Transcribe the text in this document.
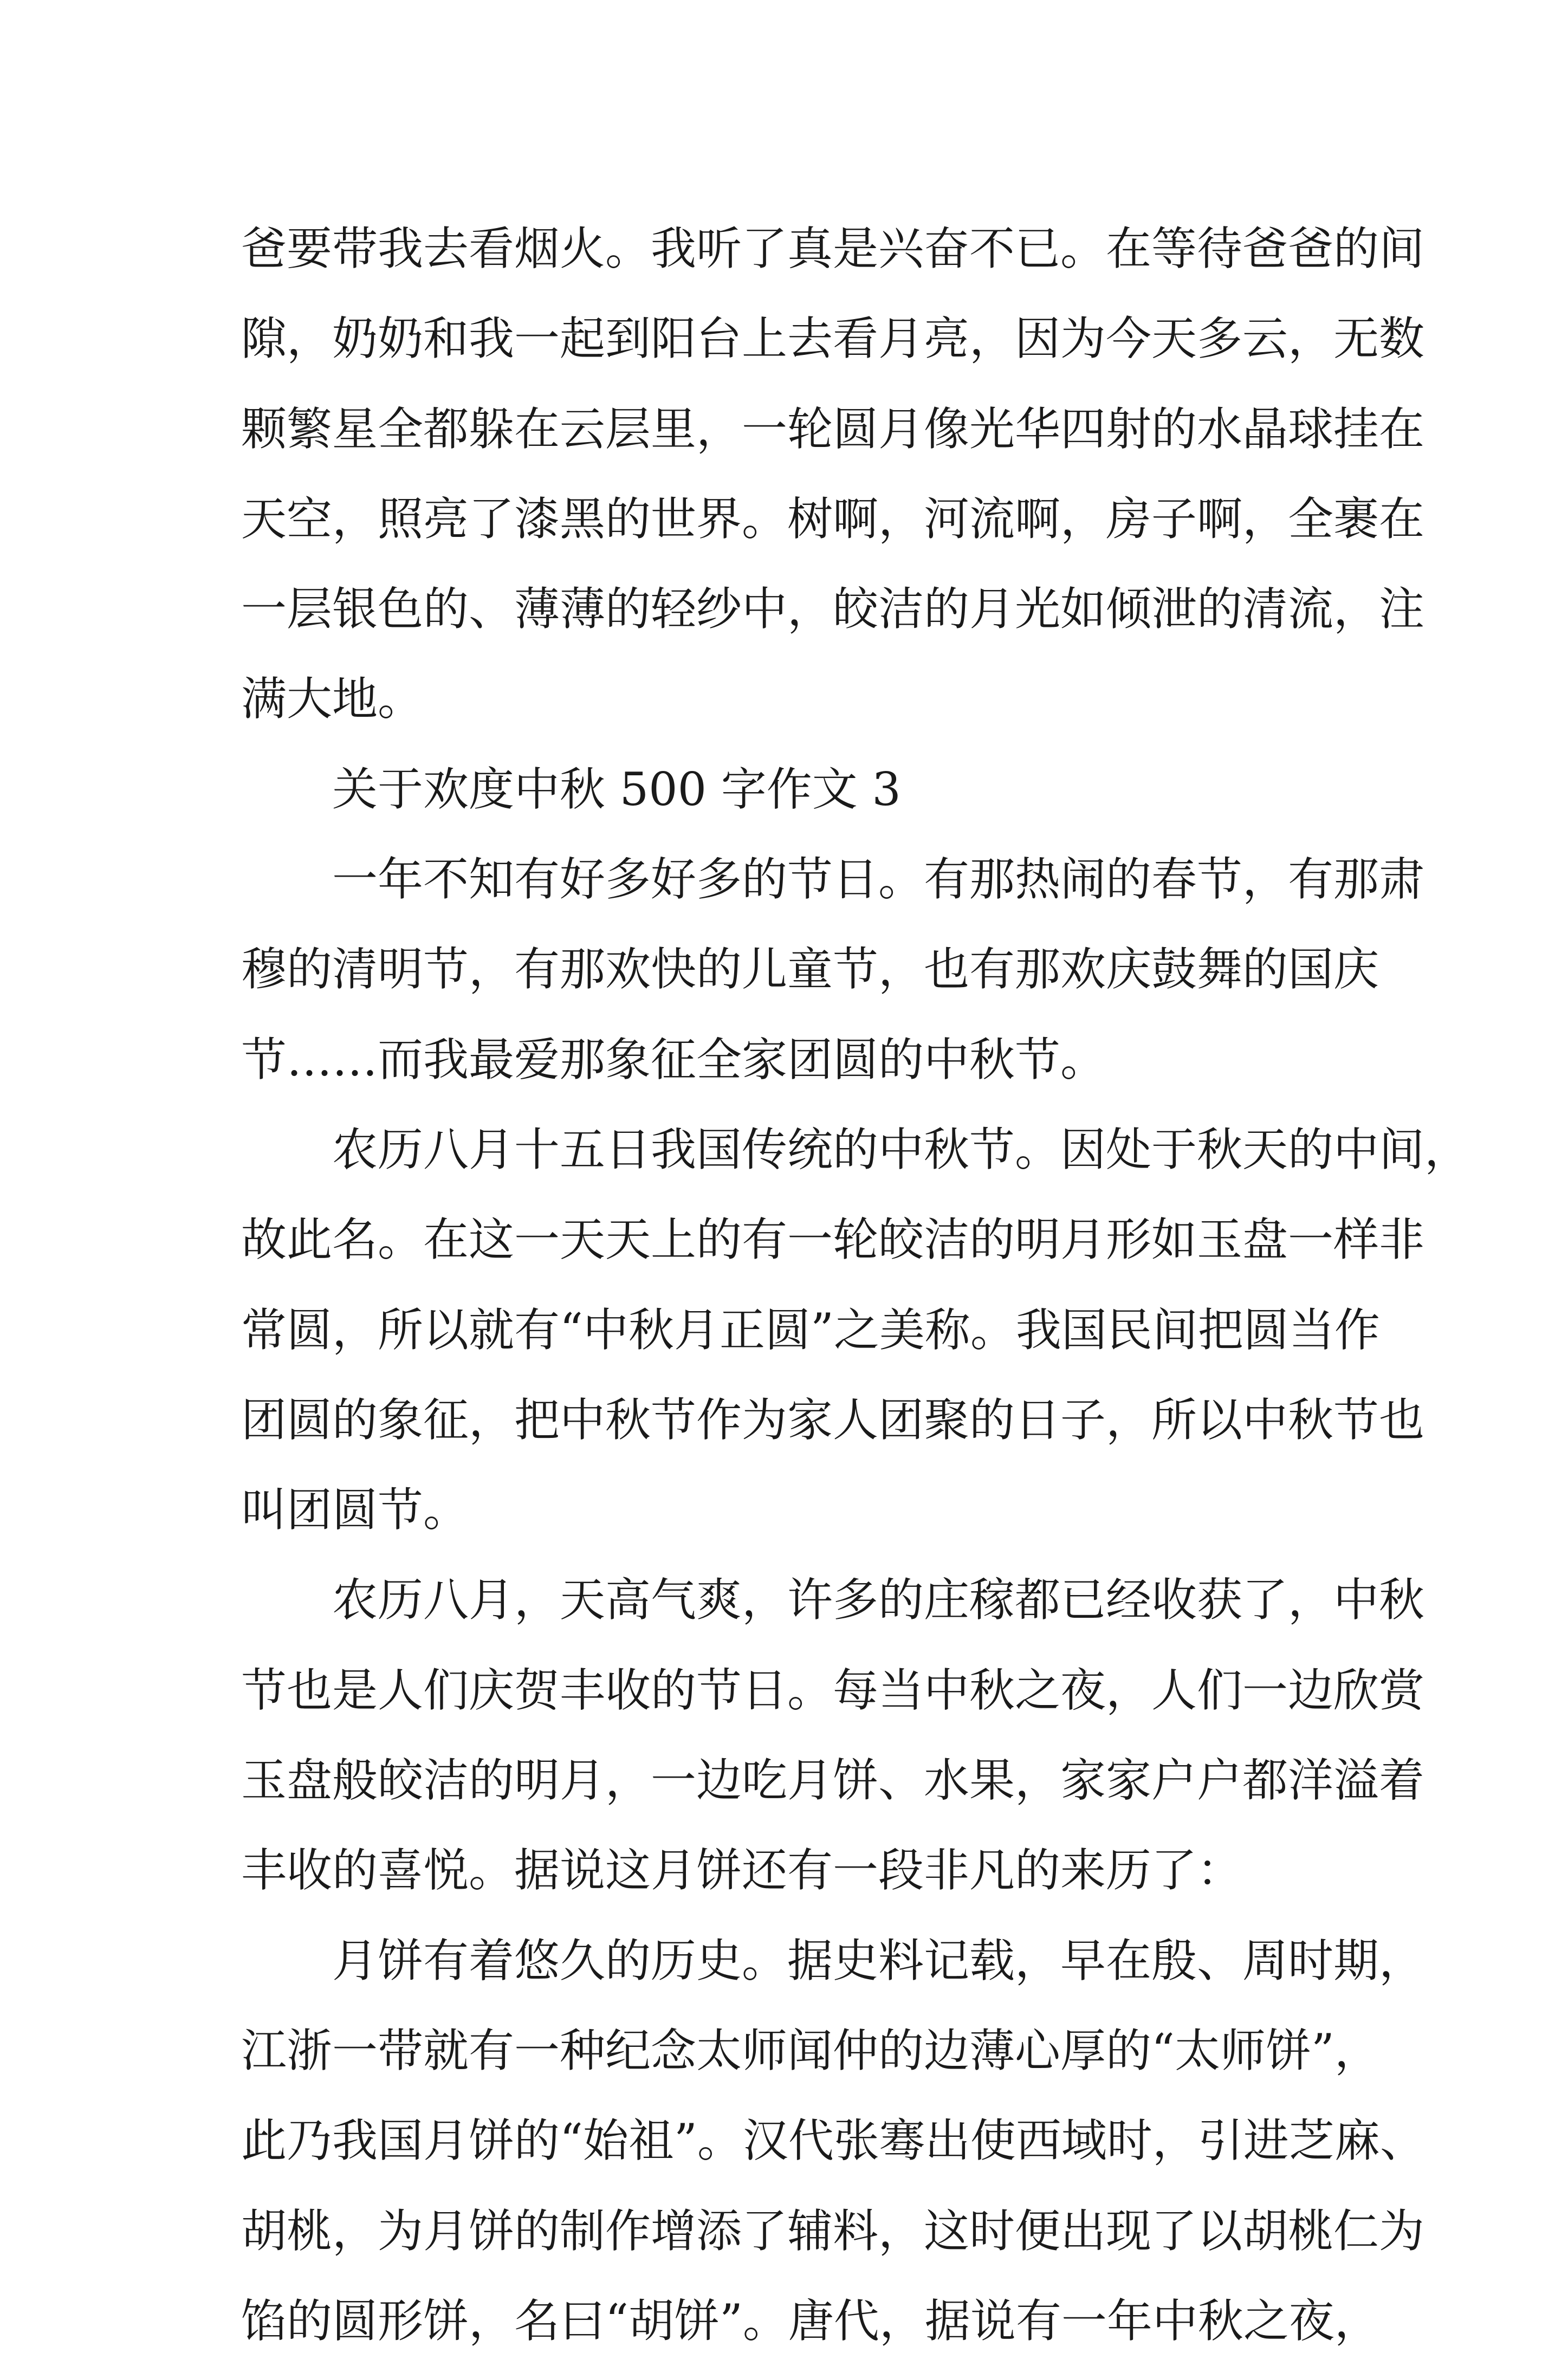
爸要带我去看烟火。我听了真是兴奋不已。在等待爸爸的间
隙，奶奶和我一起到阳台上去看月亮，因为今天多云，无数
颗繁星全都躲在云层里，一轮圆月像光华四射的水晶球挂在
天空，照亮了漆黑的世界。树啊，河流啊，房子啊，全裹在
一层银色的、薄薄的轻纱中，皎洁的月光如倾泄的清流，注
满大地。
关于欢度中秋 500 字作文 3
一年不知有好多好多的节日。有那热闹的春节，有那肃
穆的清明节，有那欢快的儿童节，也有那欢庆鼓舞的国庆
节……而我最爱那象征全家团圆的中秋节。
农历八月十五日我国传统的中秋节。因处于秋天的中间，
故此名。在这一天天上的有一轮皎洁的明月形如玉盘一样非
常圆，所以就有“中秋月正圆”之美称。我国民间把圆当作
团圆的象征，把中秋节作为家人团聚的日子，所以中秋节也
叫团圆节。
农历八月，天高气爽，许多的庄稼都已经收获了，中秋
节也是人们庆贺丰收的节日。每当中秋之夜，人们一边欣赏
玉盘般皎洁的明月，一边吃月饼、水果，家家户户都洋溢着
丰收的喜悦。据说这月饼还有一段非凡的来历了：
月饼有着悠久的历史。据史料记载，早在殷、周时期，
江浙一带就有一种纪念太师闻仲的边薄心厚的“太师饼”，
此乃我国月饼的“始祖”。汉代张骞出使西域时，引进芝麻、
胡桃，为月饼的制作增添了辅料，这时便出现了以胡桃仁为
馅的圆形饼，名曰“胡饼”。唐代，据说有一年中秋之夜，
